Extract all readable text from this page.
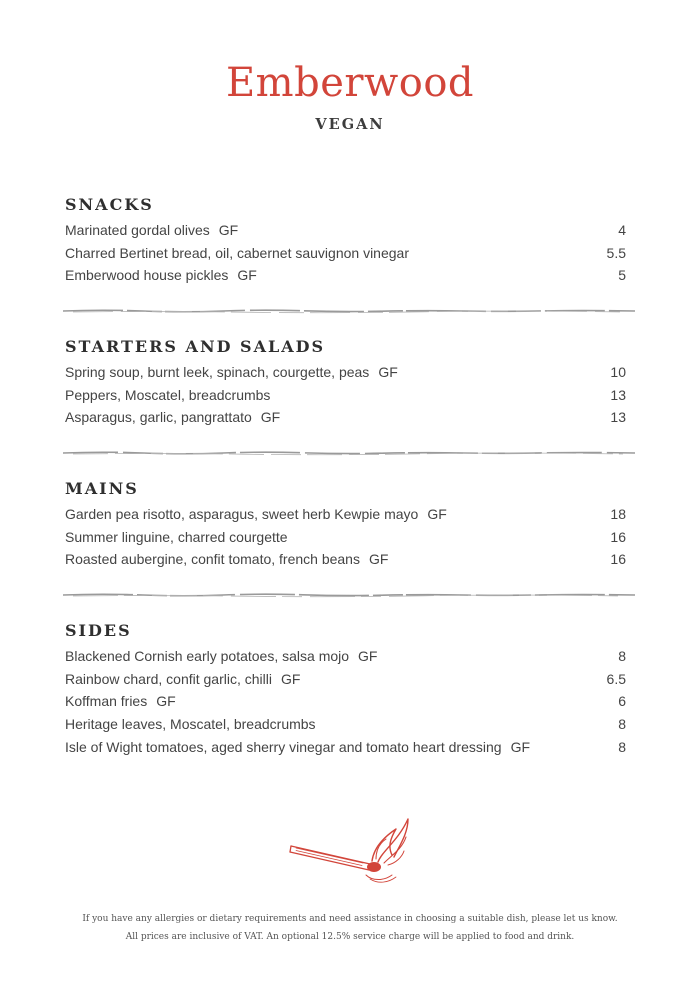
Emberwood
VEGAN
SNACKS
Marinated gordal olives GF	4
Charred Bertinet bread, oil, cabernet sauvignon vinegar	5.5
Emberwood house pickles GF	5
STARTERS AND SALADS
Spring soup, burnt leek, spinach, courgette, peas GF	10
Peppers, Moscatel, breadcrumbs	13
Asparagus, garlic, pangrattato GF	13
MAINS
Garden pea risotto, asparagus, sweet herb Kewpie mayo GF	18
Summer linguine, charred courgette	16
Roasted aubergine, confit tomato, french beans GF	16
SIDES
Blackened Cornish early potatoes, salsa mojo GF	8
Rainbow chard, confit garlic, chilli GF	6.5
Koffman fries GF	6
Heritage leaves, Moscatel, breadcrumbs	8
Isle of Wight tomatoes, aged sherry vinegar and tomato heart dressing GF	8
If you have any allergies or dietary requirements and need assistance in choosing a suitable dish, please let us know.
All prices are inclusive of VAT. An optional 12.5% service charge will be applied to food and drink.
